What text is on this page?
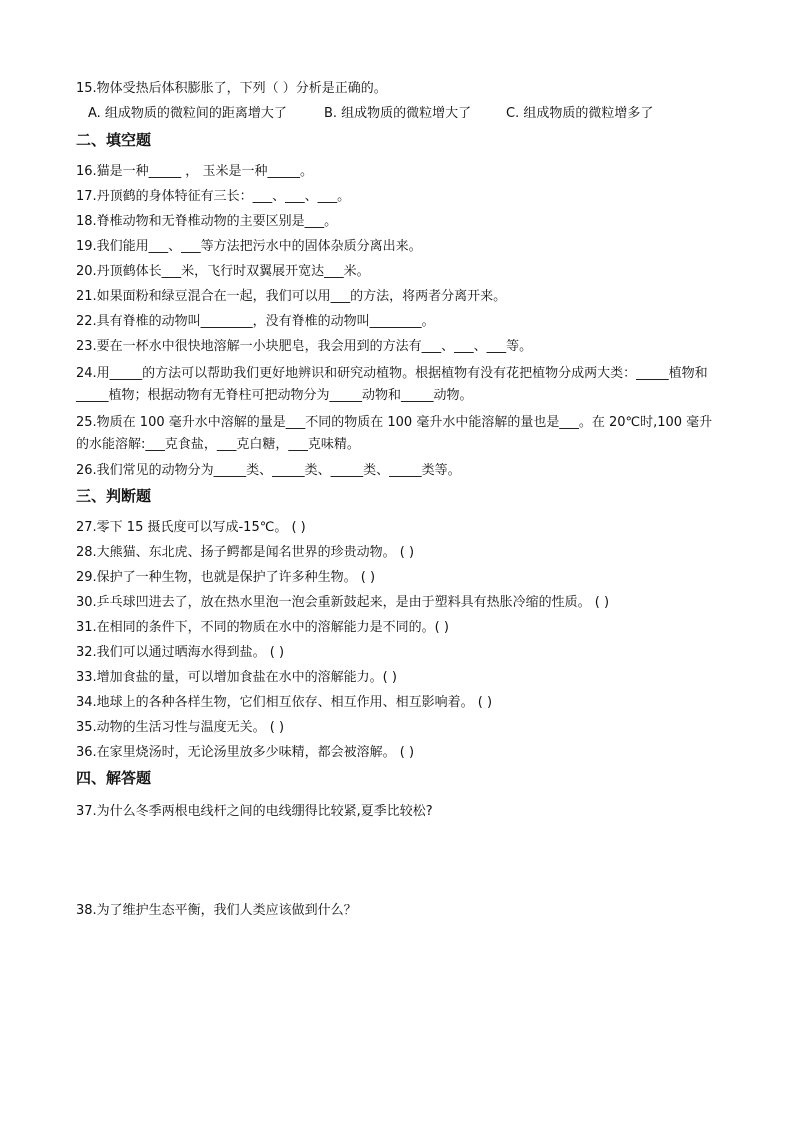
15.物体受热后体积膨胀了，下列（ ）分析是正确的。
A. 组成物质的微粒间的距离增大了	B. 组成物质的微粒增大了	C. 组成物质的微粒增多了
二、填空题
16.猫是一种_____ ， 玉米是一种_____。
17.丹顶鹤的身体特征有三长：___、___、___。
18.脊椎动物和无脊椎动物的主要区别是___。
19.我们能用___、___等方法把污水中的固体杂质分离出来。
20.丹顶鹤体长___米，飞行时双翼展开宽达___米。
21.如果面粉和绿豆混合在一起，我们可以用___的方法，将两者分离开来。
22.具有脊椎的动物叫________，没有脊椎的动物叫________。
23.要在一杯水中很快地溶解一小块肥皂，我会用到的方法有___、___、___等。
24.用_____的方法可以帮助我们更好地辨识和研究动植物。根据植物有没有花把植物分成两大类：_____植物和_____植物；根据动物有无脊柱可把动物分为_____动物和_____动物。
25.物质在 100 毫升水中溶解的量是___不同的物质在 100 毫升水中能溶解的量也是___。在 20℃时,100 毫升的水能溶解:___克食盐，___克白糖，___克味精。
26.我们常见的动物分为_____类、_____类、_____类、_____类等。
三、判断题
27.零下 15 摄氏度可以写成-15℃。 ( )
28.大熊猫、东北虎、扬子鳄都是闻名世界的珍贵动物。 ( )
29.保护了一种生物，也就是保护了许多种生物。 ( )
30.乒乓球凹进去了，放在热水里泡一泡会重新鼓起来，是由于塑料具有热胀冷缩的性质。 ( )
31.在相同的条件下，不同的物质在水中的溶解能力是不同的。( )
32.我们可以通过晒海水得到盐。 ( )
33.增加食盐的量，可以增加食盐在水中的溶解能力。( )
34.地球上的各种各样生物，它们相互依存、相互作用、相互影响着。 ( )
35.动物的生活习性与温度无关。 ( )
36.在家里烧汤时，无论汤里放多少味精，都会被溶解。 ( )
四、解答题
37.为什么冬季两根电线杆之间的电线绷得比较紧,夏季比较松?
38.为了维护生态平衡，我们人类应该做到什么？
